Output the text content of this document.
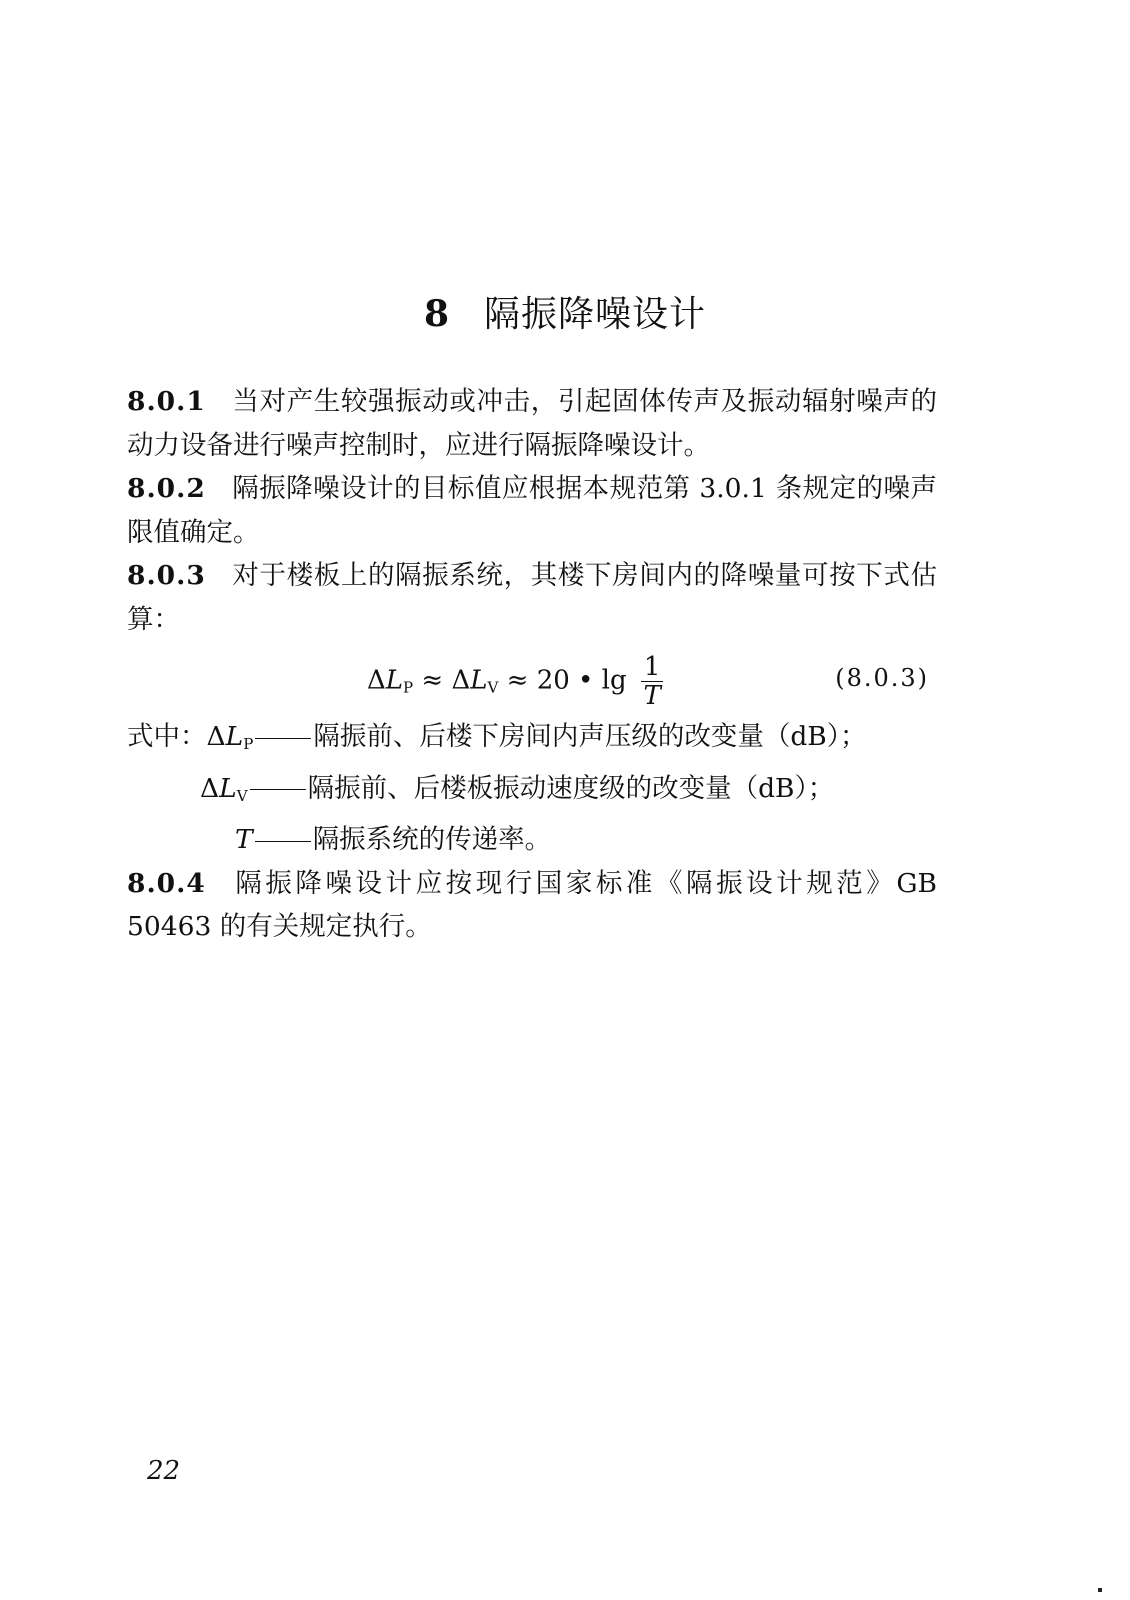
8 隔振降噪设计

8.0.1 当对产生较强振动或冲击，引起固体传声及振动辐射噪声的动力设备进行噪声控制时，应进行隔振降噪设计。

8.0.2 隔振降噪设计的目标值应根据本规范第 3.0.1 条规定的噪声限值确定。

8.0.3 对于楼板上的隔振系统，其楼下房间内的降噪量可按下式估算：

$\Delta L_P \approx \Delta L_V \approx 20$ • $\lg \frac{1}{T}$	(8.0.3)
式中：$\Delta L_P$ 隔振前、后楼下房间内声压级的改变量（dB）；
$\Delta L_V$ 隔振前、后楼板振动速度级的改变量（dB）；
T 隔振系统的传递率。

8.0.4 隔振降噪设计应按现行国家标准《隔振设计规范》GB 50463 的有关规定执行。

22
